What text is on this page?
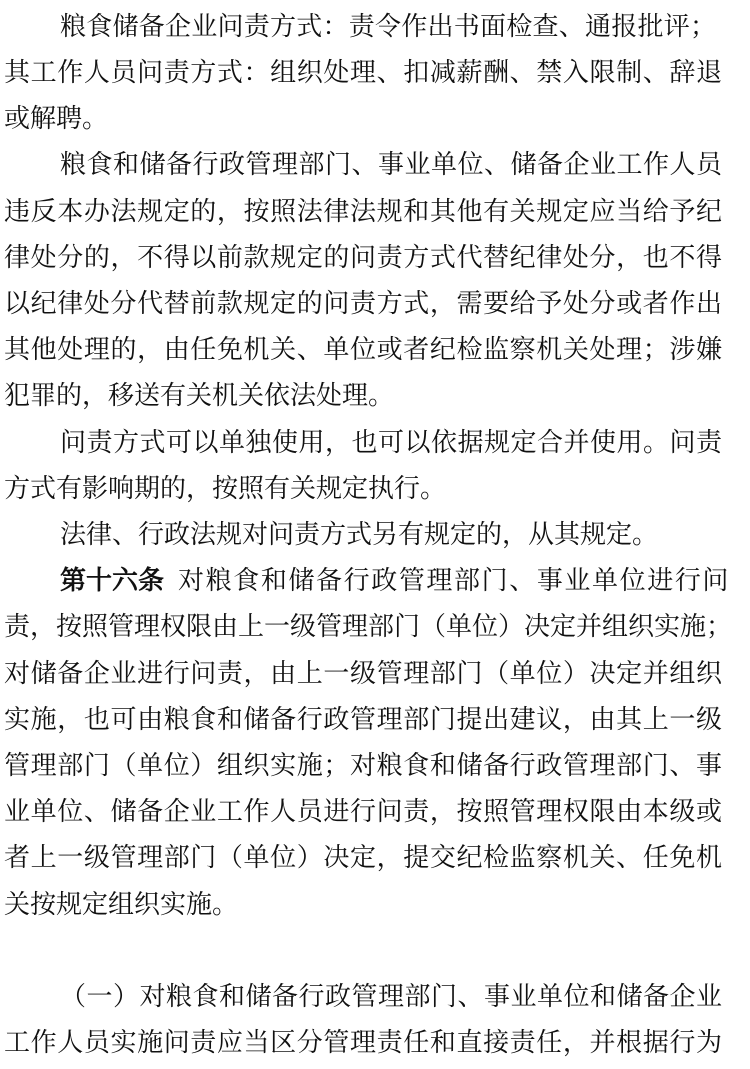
粮食储备企业问责方式：责令作出书面检查、通报批评；
其工作人员问责方式：组织处理、扣减薪酬、禁入限制、辞退
或解聘。
粮食和储备行政管理部门、事业单位、储备企业工作人员
违反本办法规定的，按照法律法规和其他有关规定应当给予纪
律处分的，不得以前款规定的问责方式代替纪律处分，也不得
以纪律处分代替前款规定的问责方式，需要给予处分或者作出
其他处理的，由任免机关、单位或者纪检监察机关处理；涉嫌
犯罪的，移送有关机关依法处理。
问责方式可以单独使用，也可以依据规定合并使用。问责
方式有影响期的，按照有关规定执行。
法律、行政法规对问责方式另有规定的，从其规定。
第十六条 对粮食和储备行政管理部门、事业单位进行问
责，按照管理权限由上一级管理部门（单位）决定并组织实施；
对储备企业进行问责，由上一级管理部门（单位）决定并组织
实施，也可由粮食和储备行政管理部门提出建议，由其上一级
管理部门（单位）组织实施；对粮食和储备行政管理部门、事
业单位、储备企业工作人员进行问责，按照管理权限由本级或
者上一级管理部门（单位）决定，提交纪检监察机关、任免机
关按规定组织实施。
（一）对粮食和储备行政管理部门、事业单位和储备企业
工作人员实施问责应当区分管理责任和直接责任，并根据行为
